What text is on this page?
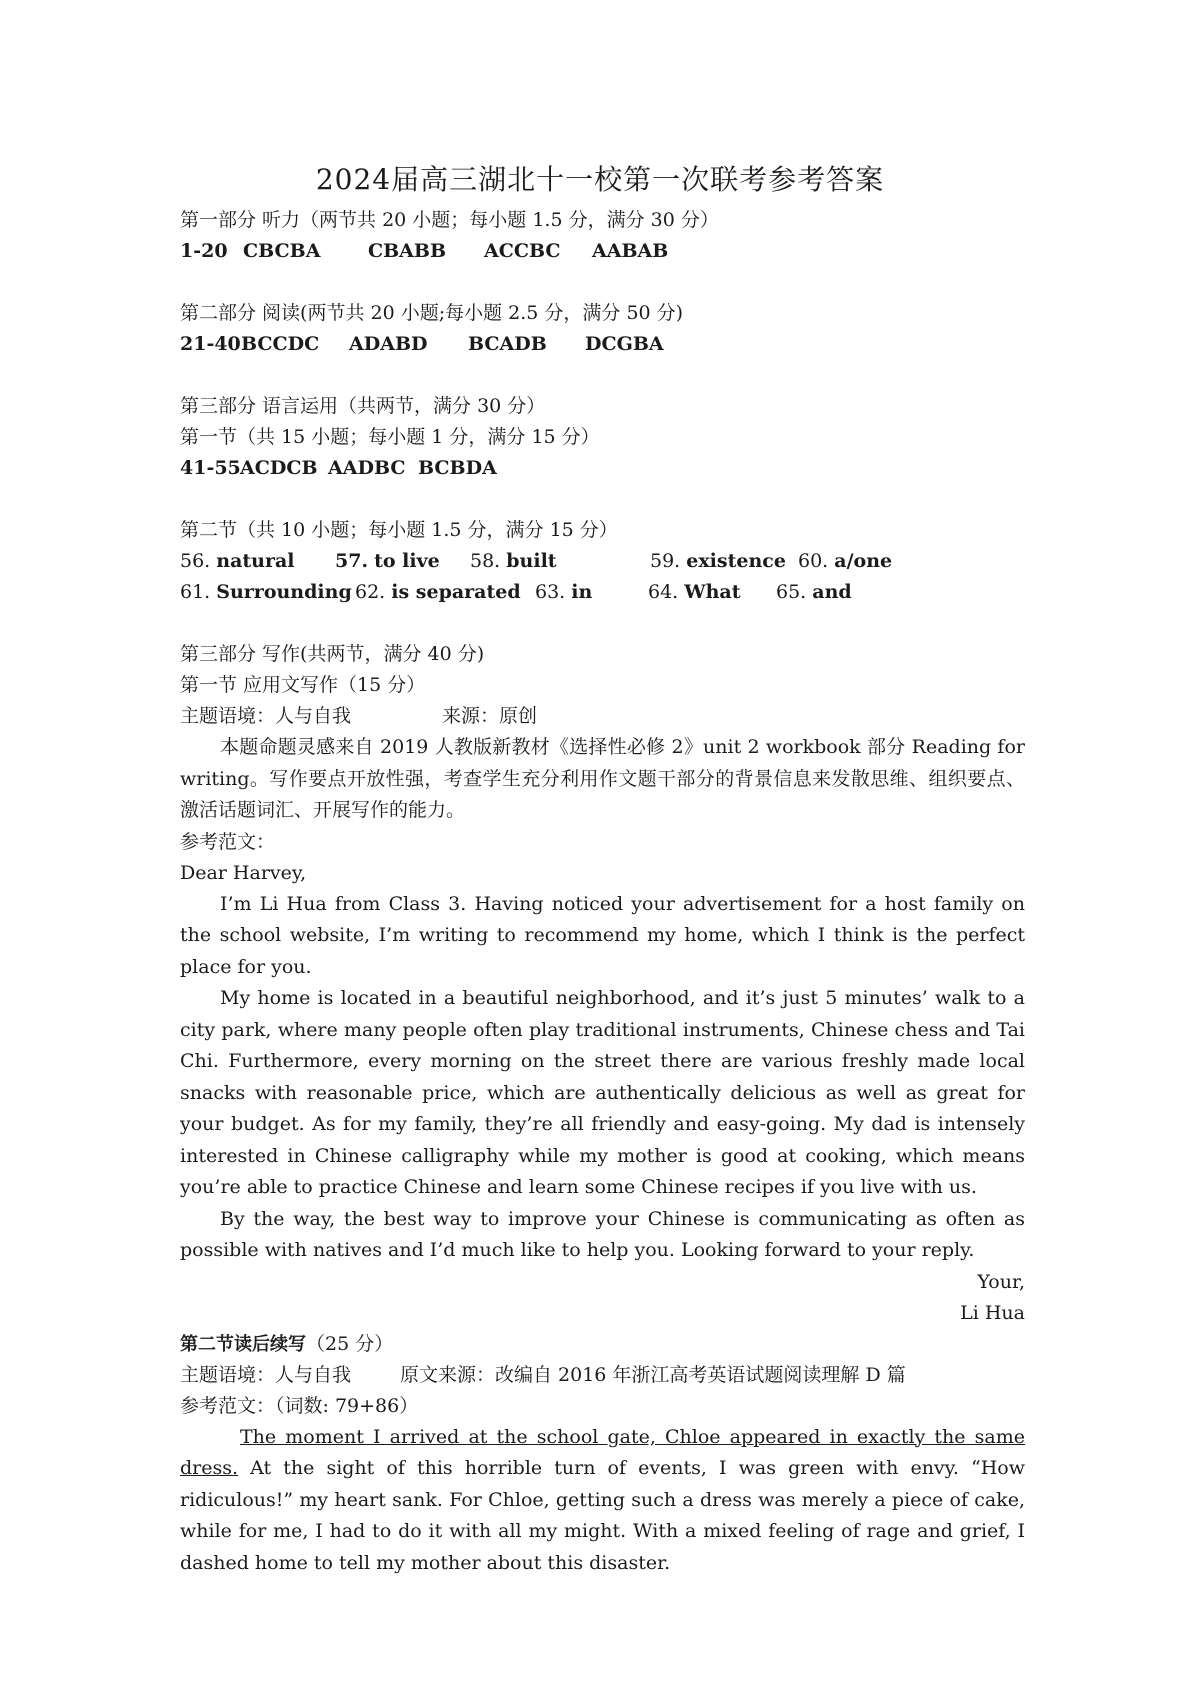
2024届高三湖北十一校第一次联考参考答案
第一部分 听力（两节共 20 小题；每小题 1.5 分，满分 30 分）
1-20 CBCBA	CBABB ACCBC AABAB
第二部分 阅读(两节共 20 小题;每小题 2.5 分，满分 50 分)
21-40BCCDC ADABD BCADB DCGBA
第三部分 语言运用（共两节，满分 30 分）
第一节（共 15 小题；每小题 1 分，满分 15 分）
41-55ACDCB AADBC BCBDA
第二节（共 10 小题；每小题 1.5 分，满分 15 分）
56. natural 57. to live 58. built	59. existence 60. a/one
61. Surrounding 62. is separated 63. in	64. What 65. and
第三部分 写作(共两节，满分 40 分)
第一节 应用文写作（15 分）
主题语境：人与自我	来源：原创

本题命题灵感来自 2019 人教版新教材《选择性必修 2》unit 2 workbook 部分 Reading for writing。写作要点开放性强，考查学生充分利用作文题干部分的背景信息来发散思维、组织要点、激活话题词汇、开展写作的能力。

参考范文：
Dear Harvey,

I’m Li Hua from Class 3. Having noticed your advertisement for a host family on the school website, I’m writing to recommend my home, which I think is the perfect place for you.

My home is located in a beautiful neighborhood, and it’s just 5 minutes’ walk to a city park, where many people often play traditional instruments, Chinese chess and Tai Chi. Furthermore, every morning on the street there are various freshly made local snacks with reasonable price, which are authentically delicious as well as great for your budget. As for my family, they’re all friendly and easy-going. My dad is intensely interested in Chinese calligraphy while my mother is good at cooking, which means you’re able to practice Chinese and learn some Chinese recipes if you live with us.

By the way, the best way to improve your Chinese is communicating as often as possible with natives and I’d much like to help you. Looking forward to your reply.

Your,
Li Hua
第二节读后续写（25 分）
主题语境：人与自我	原文来源：改编自 2016 年浙江高考英语试题阅读理解 D 篇
参考范文：（词数: 79+86）

The moment I arrived at the school gate, Chloe appeared in exactly the same dress. At the sight of this horrible turn of events, I was green with envy. “How ridiculous!” my heart sank. For Chloe, getting such a dress was merely a piece of cake, while for me, I had to do it with all my might. With a mixed feeling of rage and grief, I dashed home to tell my mother about this disaster.
